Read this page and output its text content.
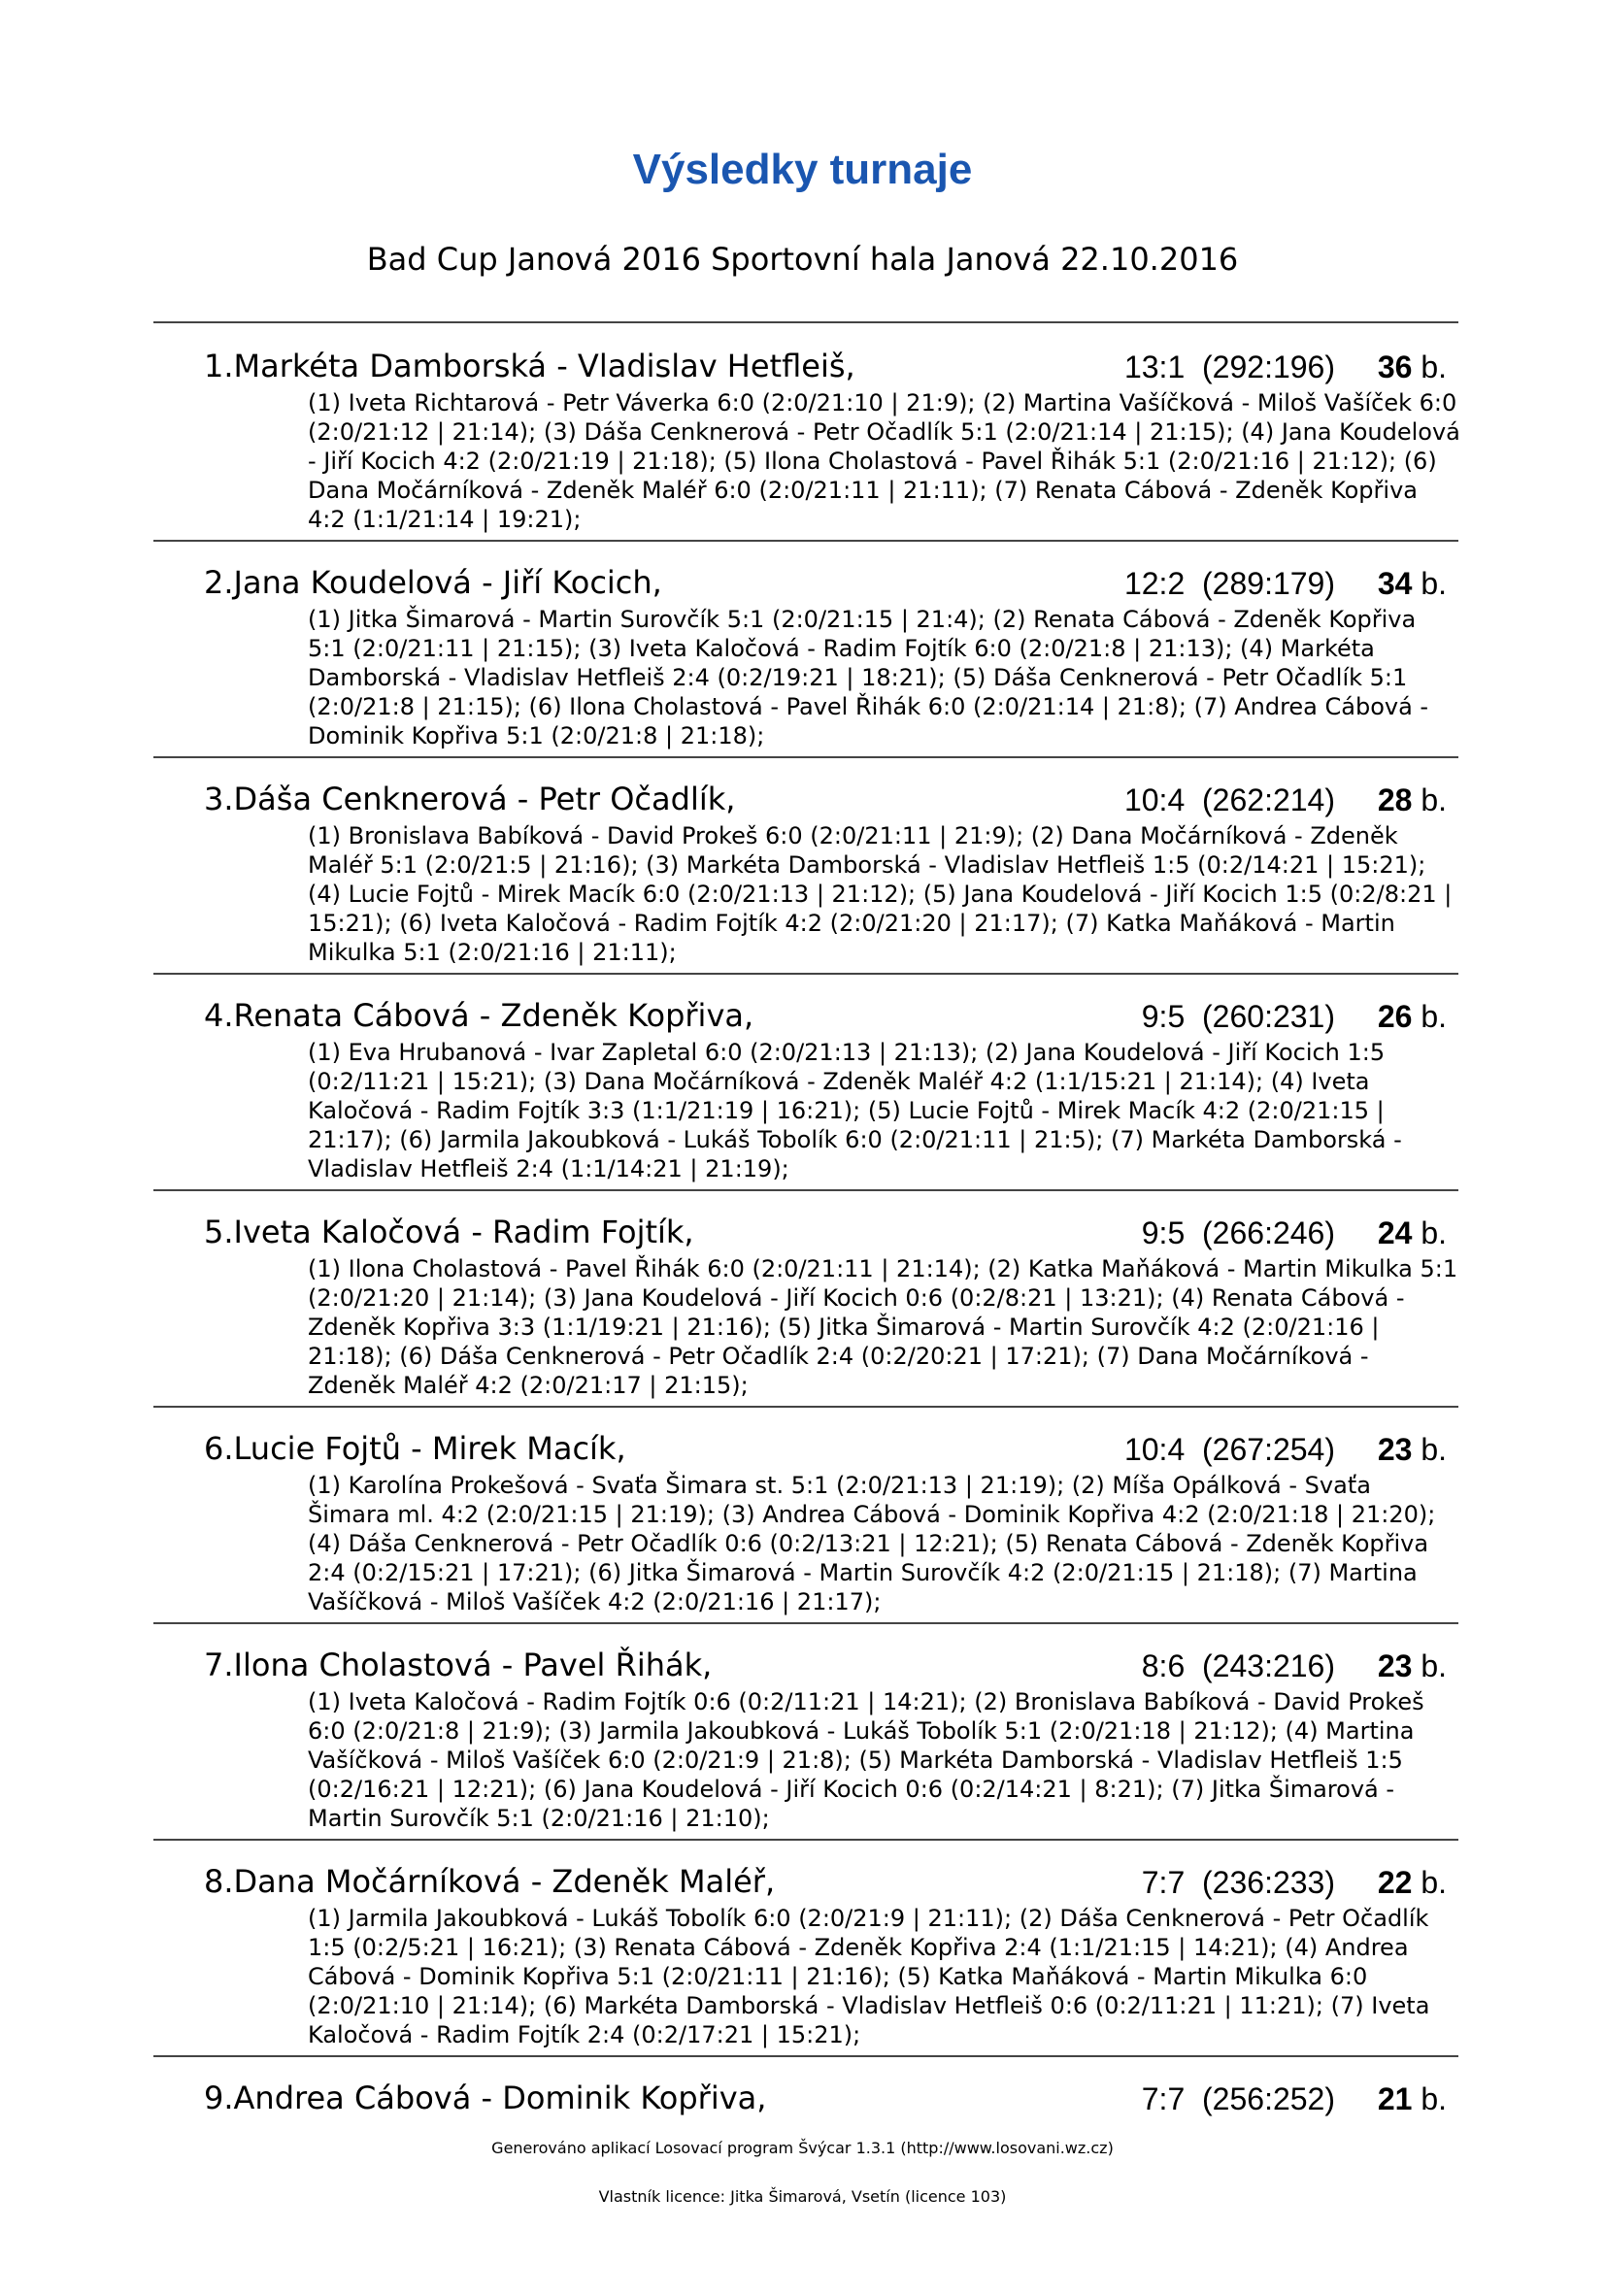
Výsledky turnaje
Bad Cup Janová 2016 Sportovní hala Janová 22.10.2016
1.Markéta Damborská - Vladislav Hetfleiš,	13:1 (292:196) 36 b.
(1) Iveta Richtarová - Petr Váverka 6:0 (2:0/21:10 | 21:9); (2) Martina Vašíčková - Miloš Vašíček 6:0 (2:0/21:12 | 21:14); (3) Dáša Cenknerová - Petr Očadlík 5:1 (2:0/21:14 | 21:15); (4) Jana Koudelová - Jiří Kocich 4:2 (2:0/21:19 | 21:18); (5) Ilona Cholastová - Pavel Řihák 5:1 (2:0/21:16 | 21:12); (6) Dana Močárníková - Zdeněk Maléř 6:0 (2:0/21:11 | 21:11); (7) Renata Cábová - Zdeněk Kopřiva 4:2 (1:1/21:14 | 19:21);
2.Jana Koudelová - Jiří Kocich,	12:2 (289:179) 34 b.
(1) Jitka Šimarová - Martin Surovčík 5:1 (2:0/21:15 | 21:4); (2) Renata Cábová - Zdeněk Kopřiva 5:1 (2:0/21:11 | 21:15); (3) Iveta Kaločová - Radim Fojtík 6:0 (2:0/21:8 | 21:13); (4) Markéta Damborská - Vladislav Hetfleiš 2:4 (0:2/19:21 | 18:21); (5) Dáša Cenknerová - Petr Očadlík 5:1 (2:0/21:8 | 21:15); (6) Ilona Cholastová - Pavel Řihák 6:0 (2:0/21:14 | 21:8); (7) Andrea Cábová - Dominik Kopřiva 5:1 (2:0/21:8 | 21:18);
3.Dáša Cenknerová - Petr Očadlík,	10:4 (262:214) 28 b.
(1) Bronislava Babíková - David Prokeš 6:0 (2:0/21:11 | 21:9); (2) Dana Močárníková - Zdeněk Maléř 5:1 (2:0/21:5 | 21:16); (3) Markéta Damborská - Vladislav Hetfleiš 1:5 (0:2/14:21 | 15:21); (4) Lucie Fojtů - Mirek Macík 6:0 (2:0/21:13 | 21:12); (5) Jana Koudelová - Jiří Kocich 1:5 (0:2/8:21 | 15:21); (6) Iveta Kaločová - Radim Fojtík 4:2 (2:0/21:20 | 21:17); (7) Katka Maňáková - Martin Mikulka 5:1 (2:0/21:16 | 21:11);
4.Renata Cábová - Zdeněk Kopřiva,	9:5 (260:231) 26 b.
(1) Eva Hrubanová - Ivar Zapletal 6:0 (2:0/21:13 | 21:13); (2) Jana Koudelová - Jiří Kocich 1:5 (0:2/11:21 | 15:21); (3) Dana Močárníková - Zdeněk Maléř 4:2 (1:1/15:21 | 21:14); (4) Iveta Kaločová - Radim Fojtík 3:3 (1:1/21:19 | 16:21); (5) Lucie Fojtů - Mirek Macík 4:2 (2:0/21:15 | 21:17); (6) Jarmila Jakoubková - Lukáš Tobolík 6:0 (2:0/21:11 | 21:5); (7) Markéta Damborská - Vladislav Hetfleiš 2:4 (1:1/14:21 | 21:19);
5.Iveta Kaločová - Radim Fojtík,	9:5 (266:246) 24 b.
(1) Ilona Cholastová - Pavel Řihák 6:0 (2:0/21:11 | 21:14); (2) Katka Maňáková - Martin Mikulka 5:1 (2:0/21:20 | 21:14); (3) Jana Koudelová - Jiří Kocich 0:6 (0:2/8:21 | 13:21); (4) Renata Cábová - Zdeněk Kopřiva 3:3 (1:1/19:21 | 21:16); (5) Jitka Šimarová - Martin Surovčík 4:2 (2:0/21:16 | 21:18); (6) Dáša Cenknerová - Petr Očadlík 2:4 (0:2/20:21 | 17:21); (7) Dana Močárníková - Zdeněk Maléř 4:2 (2:0/21:17 | 21:15);
6.Lucie Fojtů - Mirek Macík,	10:4 (267:254) 23 b.
(1) Karolína Prokešová - Svaťa Šimara st. 5:1 (2:0/21:13 | 21:19); (2) Míša Opálková - Svaťa Šimara ml. 4:2 (2:0/21:15 | 21:19); (3) Andrea Cábová - Dominik Kopřiva 4:2 (2:0/21:18 | 21:20); (4) Dáša Cenknerová - Petr Očadlík 0:6 (0:2/13:21 | 12:21); (5) Renata Cábová - Zdeněk Kopřiva 2:4 (0:2/15:21 | 17:21); (6) Jitka Šimarová - Martin Surovčík 4:2 (2:0/21:15 | 21:18); (7) Martina Vašíčková - Miloš Vašíček 4:2 (2:0/21:16 | 21:17);
7.Ilona Cholastová - Pavel Řihák,	8:6 (243:216) 23 b.
(1) Iveta Kaločová - Radim Fojtík 0:6 (0:2/11:21 | 14:21); (2) Bronislava Babíková - David Prokeš 6:0 (2:0/21:8 | 21:9); (3) Jarmila Jakoubková - Lukáš Tobolík 5:1 (2:0/21:18 | 21:12); (4) Martina Vašíčková - Miloš Vašíček 6:0 (2:0/21:9 | 21:8); (5) Markéta Damborská - Vladislav Hetfleiš 1:5 (0:2/16:21 | 12:21); (6) Jana Koudelová - Jiří Kocich 0:6 (0:2/14:21 | 8:21); (7) Jitka Šimarová - Martin Surovčík 5:1 (2:0/21:16 | 21:10);
8.Dana Močárníková - Zdeněk Maléř,	7:7 (236:233) 22 b.
(1) Jarmila Jakoubková - Lukáš Tobolík 6:0 (2:0/21:9 | 21:11); (2) Dáša Cenknerová - Petr Očadlík 1:5 (0:2/5:21 | 16:21); (3) Renata Cábová - Zdeněk Kopřiva 2:4 (1:1/21:15 | 14:21); (4) Andrea Cábová - Dominik Kopřiva 5:1 (2:0/21:11 | 21:16); (5) Katka Maňáková - Martin Mikulka 6:0 (2:0/21:10 | 21:14); (6) Markéta Damborská - Vladislav Hetfleiš 0:6 (0:2/11:21 | 11:21); (7) Iveta Kaločová - Radim Fojtík 2:4 (0:2/17:21 | 15:21);
9.Andrea Cábová - Dominik Kopřiva,	7:7 (256:252) 21 b.
Generováno aplikací Losovací program Švýcar 1.3.1 (http://www.losovani.wz.cz)
Vlastník licence: Jitka Šimarová, Vsetín (licence 103)
